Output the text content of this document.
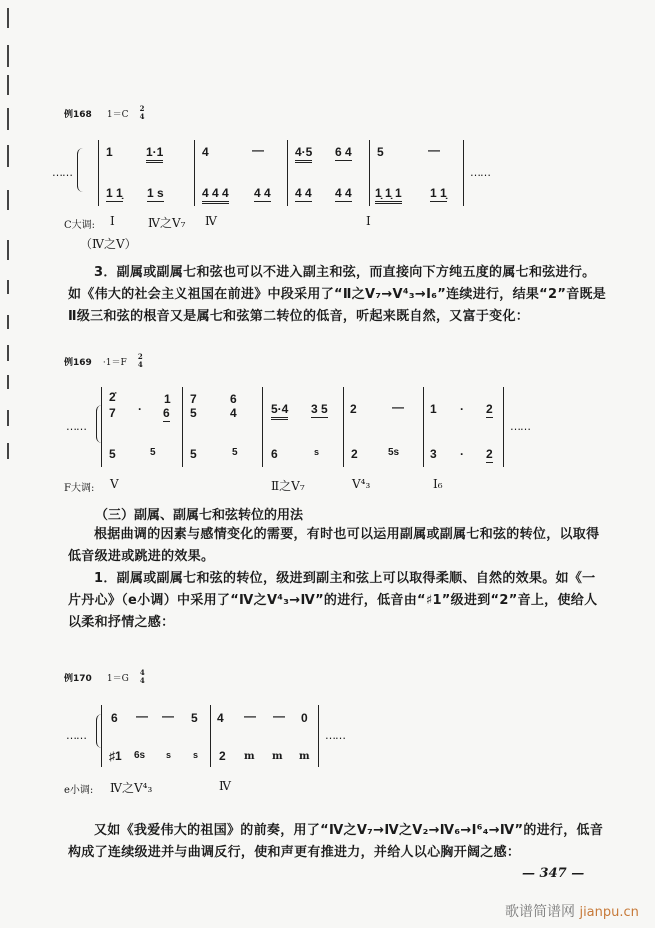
例168 1＝C
2
4
……	……
1	1·1	4	—	4·5 6 4 5	—
1 1̣ 1 s	4 4 4 4 4 4 4 4 4 1̣ 1̣ 1 1 1̣
C大调: Ⅰ	Ⅳ之Ⅴ₇ Ⅳ	Ⅰ
（Ⅳ之Ⅴ）
3．副属或副属七和弦也可以不进入副主和弦，而直接向下方纯五度的属七和弦进行。如《伟大的社会主义祖国在前进》中段采用了“Ⅱ之Ⅴ₇→Ⅴ⁴₃→Ⅰ₆”连续进行，结果“2”音既是Ⅱ级三和弦的根音又是属七和弦第二转位的低音，听起来既自然，又富于变化：
例169 ·1＝F
2
4
……	……
2̇	1 7	6
7 · 6 5	4	5·4 3 5 2	— 1 · 2
5	5	5	5	6	s	2	5s	3 · 2
F大调: Ⅴ	Ⅱ之Ⅴ₇	Ⅴ⁴₃	Ⅰ₆
（三）副属、副属七和弦转位的用法
根据曲调的因素与感情变化的需要，有时也可以运用副属或副属七和弦的转位，以取得低音级进或跳进的效果。
1．副属或副属七和弦的转位，级进到副主和弦上可以取得柔顺、自然的效果。如《一片丹心》（e小调）中采用了“Ⅳ之Ⅴ⁴₃→Ⅳ”的进行，低音由“♯1”级进到“2”音上，使给人以柔和抒情之感：
例170 1＝G
4
4
……	……
6 — — 5 4 — — 0
♯1 6s s s 2 m m m
e小调: Ⅳ之Ⅴ⁴₃	Ⅳ
又如《我爱伟大的祖国》的前奏，用了“Ⅳ之Ⅴ₇→Ⅳ之Ⅴ₂→Ⅳ₆→Ⅰ⁶₄→Ⅳ”的进行，低音构成了连续级进并与曲调反行，使和声更有推进力，并给人以心胸开阔之感：
— 347 —
歌谱简谱网 jianpu.cn
